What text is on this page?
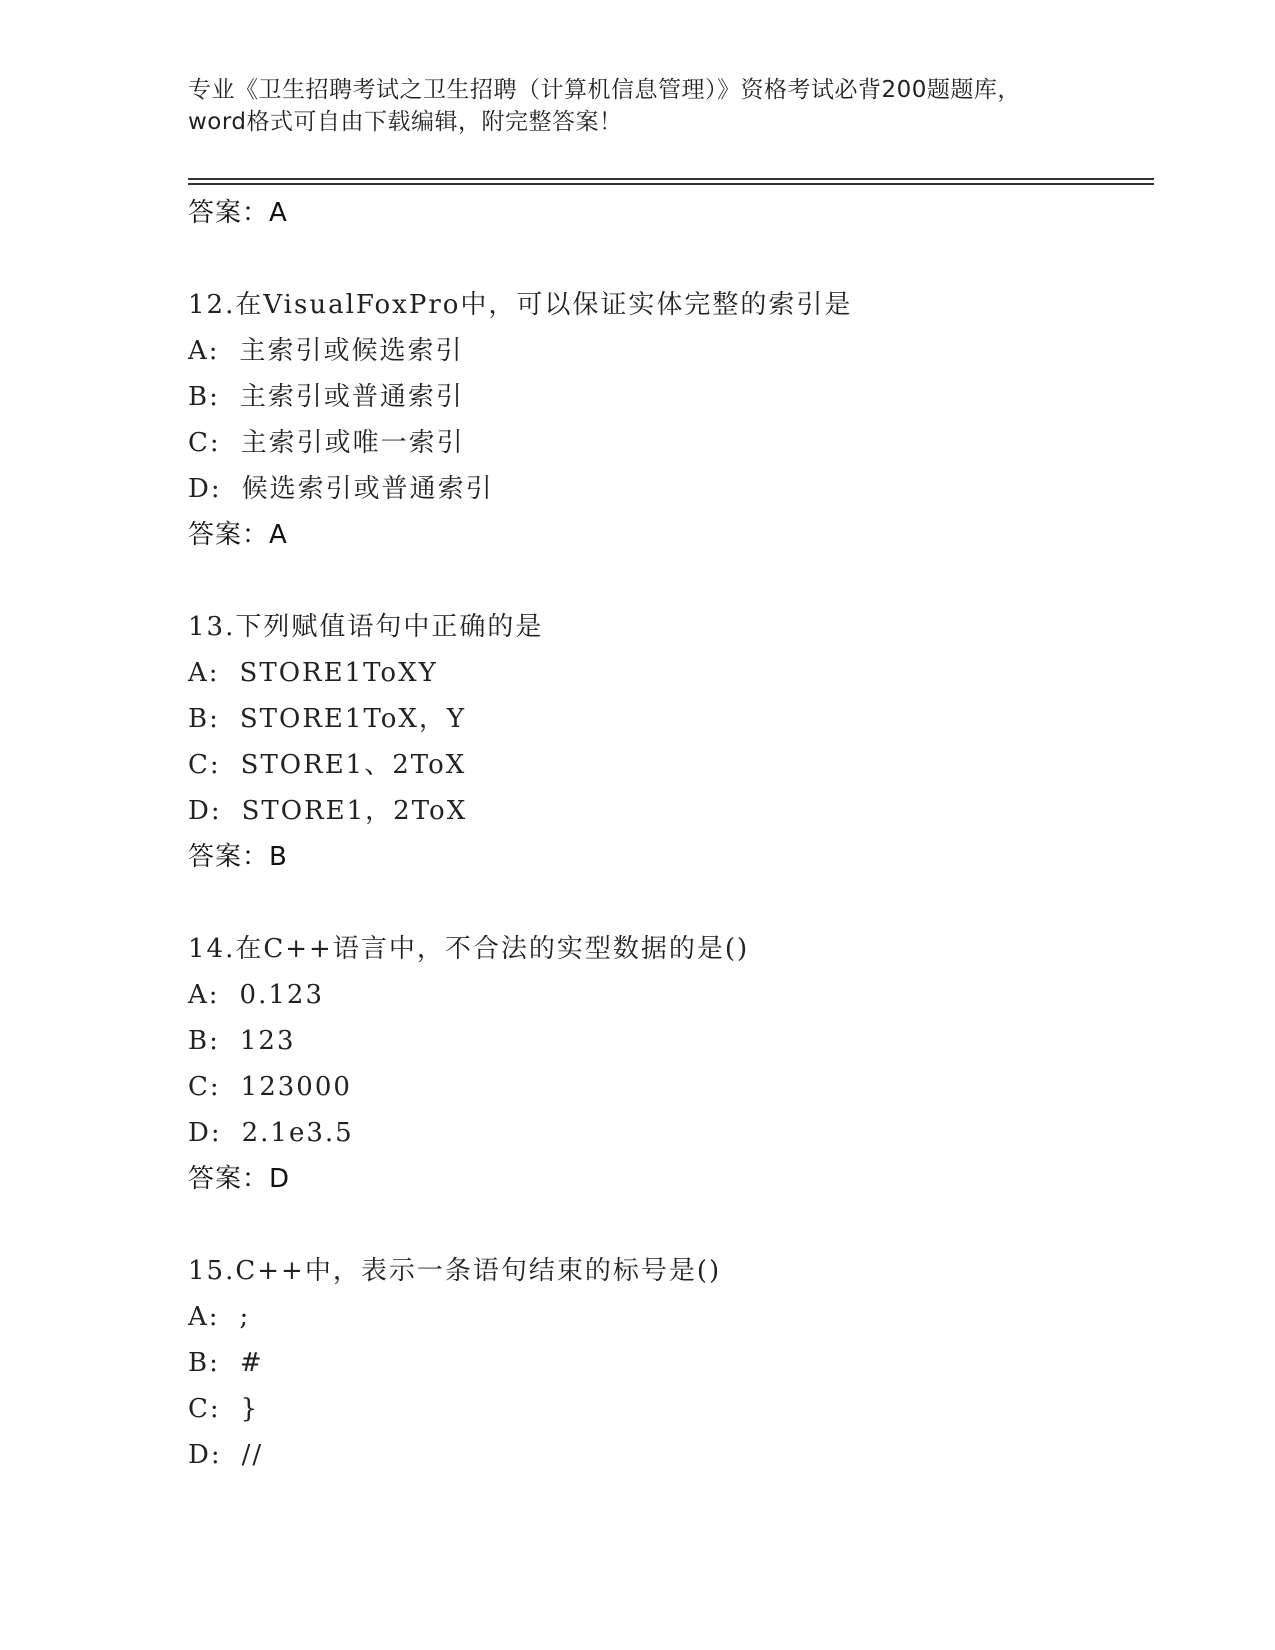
专业《卫生招聘考试之卫生招聘（计算机信息管理）》资格考试必背200题题库，
word格式可自由下载编辑，附完整答案！
答案：A
12.在VisualFoxPro中，可以保证实体完整的索引是
A: 主索引或候选索引
B: 主索引或普通索引
C: 主索引或唯一索引
D: 候选索引或普通索引
答案：A
13.下列赋值语句中正确的是
A: STORE1ToXY
B: STORE1ToX，Y
C: STORE1、2ToX
D: STORE1，2ToX
答案：B
14.在C++语言中，不合法的实型数据的是()
A: 0.123
B: 123
C: 123000
D: 2.1e3.5
答案：D
15.C++中，表示一条语句结束的标号是()
A: ;
B: #
C: }
D: //
